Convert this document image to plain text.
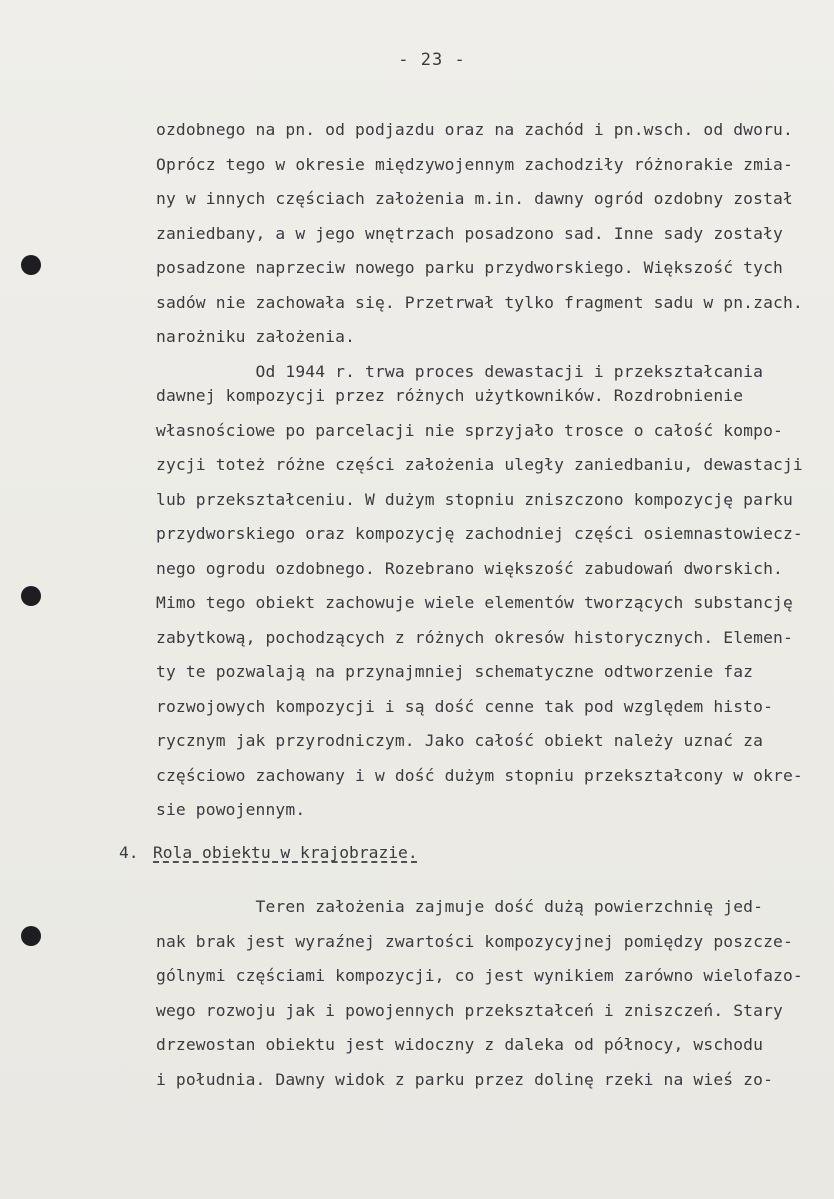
- 23 -
ozdobnego na pn. od podjazdu oraz na zachód i pn.wsch. od dworu.
Oprócz tego w okresie międzywojennym zachodziły różnorakie zmia-
ny w innych częściach założenia m.in. dawny ogród ozdobny został
zaniedbany, a w jego wnętrzach posadzono sad. Inne sady zostały
posadzone naprzeciw nowego parku przydworskiego. Większość tych
sadów nie zachowała się. Przetrwał tylko fragment sadu w pn.zach.
narożniku założenia.
Od 1944 r. trwa proces dewastacji i przekształcania
dawnej kompozycji przez różnych użytkowników. Rozdrobnienie
własnościowe po parcelacji nie sprzyjało trosce o całość kompo-
zycji toteż różne części założenia uległy zaniedbaniu, dewastacji
lub przekształceniu. W dużym stopniu zniszczono kompozycję parku
przydworskiego oraz kompozycję zachodniej części osiemnastowiecz-
nego ogrodu ozdobnego. Rozebrano większość zabudowań dworskich.
Mimo tego obiekt zachowuje wiele elementów tworzących substancję
zabytkową, pochodzących z różnych okresów historycznych. Elemen-
ty te pozwalają na przynajmniej schematyczne odtworzenie faz
rozwojowych kompozycji i są dość cenne tak pod względem histo-
rycznym jak przyrodniczym. Jako całość obiekt należy uznać za
częściowo zachowany i w dość dużym stopniu przekształcony w okre-
sie powojennym.
4. Rola obiektu w krajobrazie.
Teren założenia zajmuje dość dużą powierzchnię jed-
nak brak jest wyraźnej zwartości kompozycyjnej pomiędzy poszcze-
gólnymi częściami kompozycji, co jest wynikiem zarówno wielofazo-
wego rozwoju jak i powojennych przekształceń i zniszczeń. Stary
drzewostan obiektu jest widoczny z daleka od północy, wschodu
i południa. Dawny widok z parku przez dolinę rzeki na wieś zo-
